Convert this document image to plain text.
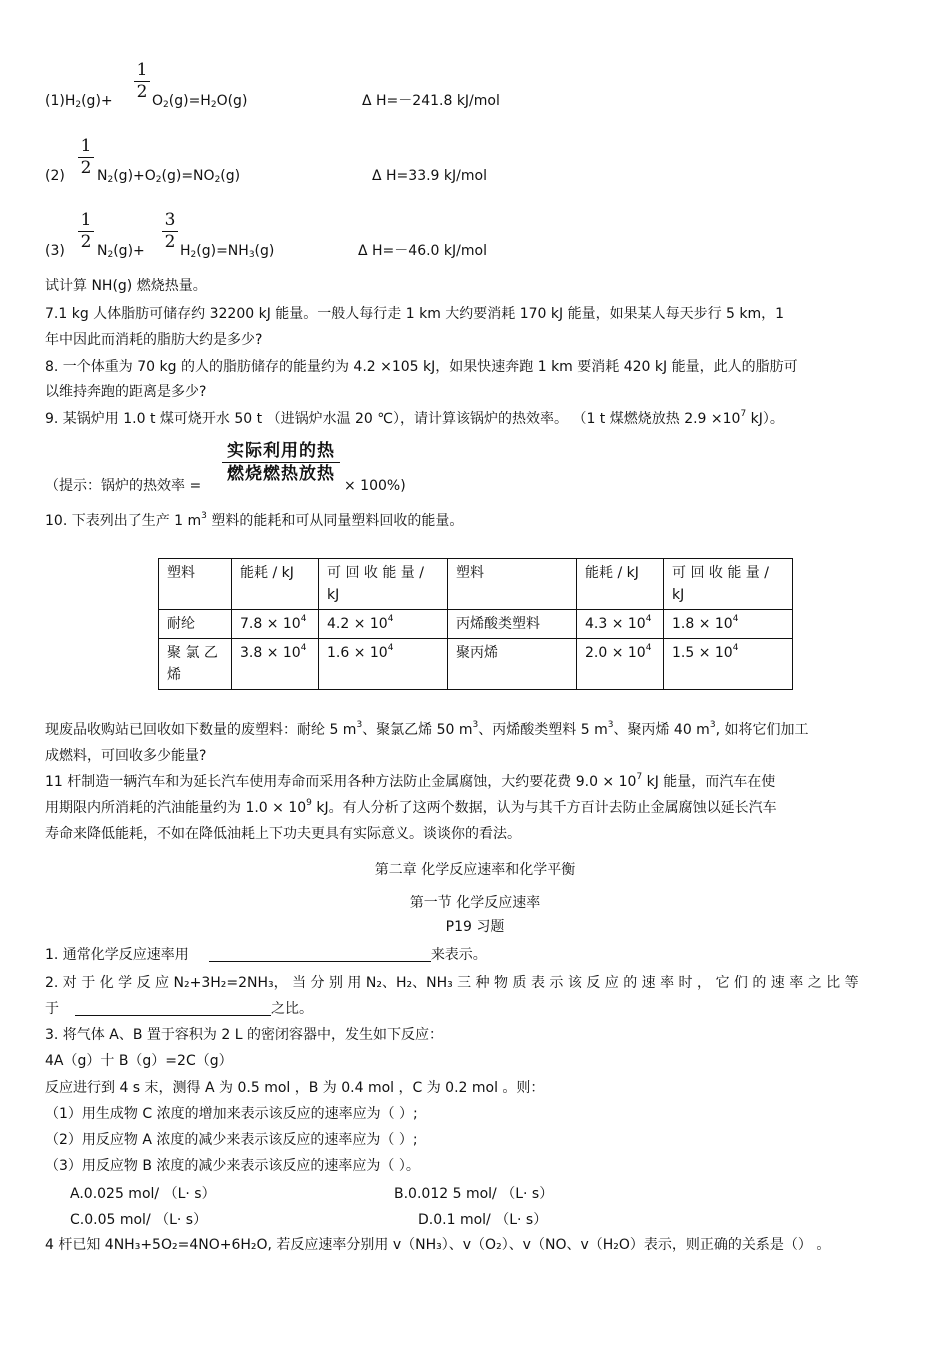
1
2
$(1)H_2(g)+$	$O_2(g)=H_2O(g)$	Δ H=－241.8 kJ/mol
1
2
(2) $N_2(g)+O_2(g)=NO_2(g)$	Δ H=33.9 kJ/mol
1
2
3
2
(3) $N_2(g)+$	$H_2(g)=NH_3(g)$	Δ H=－46.0 kJ/mol
试计算 NH(g) 燃烧热量。
7.1 kg 人体脂肪可储存约 32200 kJ 能量。一般人每行走 1 km 大约要消耗 170 kJ 能量，如果某人每天步行 5 km，1
年中因此而消耗的脂肪大约是多少?
8. 一个体重为 70 kg 的人的脂肪储存的能量约为 4.2 ×105 kJ，如果快速奔跑 1 km 要消耗 420 kJ 能量，此人的脂肪可
以维持奔跑的距离是多少?
9. 某锅炉用 1.0 t 煤可烧开水 50 t （进锅炉水温 20 ℃），请计算该锅炉的热效率。 （1 t 煤燃烧放热 $2.9 \times 10^7$ kJ）。
实际利用的热
燃烧燃热放热
（提示：锅炉的热效率 =	× 100%)
10. 下表列出了生产 1 $m^3$ 塑料的能耗和可从同量塑料回收的能量。
塑料	能耗 / kJ	可 回 收 能 量 / kJ	塑料	能耗 / kJ	可 回 收 能 量 / kJ
耐纶	$7.8 \times 10^4$	$4.2 \times 10^4$	丙烯酸类塑料	$4.3 \times 10^4$	$1.8 \times 10^4$
聚 氯 乙 烯	$3.8 \times 10^4$	$1.6 \times 10^4$	聚丙烯	$2.0 \times 10^4$	$1.5 \times 10^4$
现废品收购站已回收如下数量的废塑料：耐纶 5 $m^3$、聚氯乙烯 50 $m^3$、丙烯酸类塑料 5 $m^3$、聚丙烯 40 $m^3$, 如将它们加工
成燃料，可回收多少能量?
11 杆制造一辆汽车和为延长汽车使用寿命而采用各种方法防止金属腐蚀，大约要花费 $9.0 \times 10^7$ kJ 能量，而汽车在使
用期限内所消耗的汽油能量约为 $1.0 \times 10^9$ kJ。有人分析了这两个数据，认为与其千方百计去防止金属腐蚀以延长汽车
寿命来降低能耗，不如在降低油耗上下功夫更具有实际意义。谈谈你的看法。
第二章 化学反应速率和化学平衡
第一节 化学反应速率
P19 习题
1. 通常化学反应速率用	来表示。
2. 对 于 化 学 反 应 N₂+3H₂=2NH₃， 当 分 别 用 N₂、H₂、NH₃ 三 种 物 质 表 示 该 反 应 的 速 率 时 ， 它 们 的 速 率 之 比 等
于	之比。
3. 将气体 A、B 置于容积为 2 L 的密闭容器中，发生如下反应：
4A（g）十 B（g）=2C（g）
反应进行到 4 s 末，测得 A 为 0.5 mol ，B 为 0.4 mol ，C 为 0.2 mol 。则：
（1）用生成物 C 浓度的增加来表示该反应的速率应为（ ）;
（2）用反应物 A 浓度的减少来表示该反应的速率应为（ ）;
（3）用反应物 B 浓度的减少来表示该反应的速率应为（ ）。
A.0.025 mol/ （L· s）	B.0.012 5 mol/ （L· s）
C.0.05 mol/ （L· s）	D.0.1 mol/ （L· s）
4 杆已知 4NH₃+5O₂=4NO+6H₂O, 若反应速率分别用 v（NH₃）、v（O₂）、v（NO、v（H₂O）表示，则正确的关系是（） 。
